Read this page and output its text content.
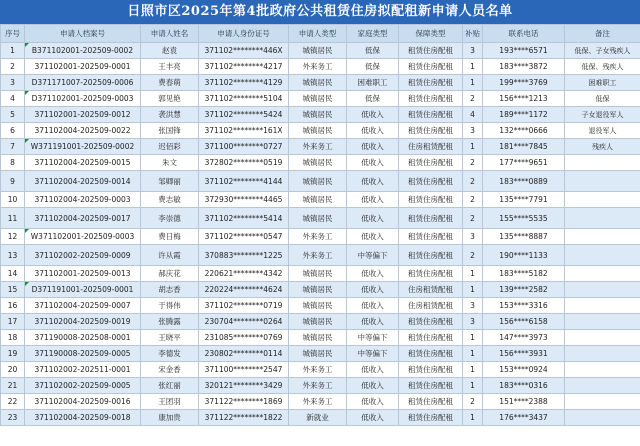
日照市区2025年第4批政府公共租赁住房拟配租新申请人员名单
序号	申请人档案号	申请人姓名	申请人身份证号	申请人类型	家庭类型	保障类型	补贴	联系电话	备注
1	B371102001-202509-0002	赵袁	371102********446X	城镇居民	低保	租赁住房配租	3	193****6571	低保、子女残疾人
2	371102001-202509-0001	王丰亮	371102********4217	外来务工	低保	租赁住房配租	1	183****3872	低保、残疾人
3	D371171007-202509-0006	费春萌	371102********4129	城镇居民	困难职工	租赁住房配租	1	199****3769	困难职工
4	D371102001-202509-0003	郭见艳	371102********5104	城镇居民	低保	租赁住房配租	2	156****1213	低保
5	371102001-202509-0012	袭洪慧	371102********5424	城镇居民	低收入	租赁住房配租	4	189****1172	子女退役军人
6	371102004-202509-0022	张国锋	371102********161X	城镇居民	低收入	租赁住房配租	3	132****0666	退役军人
7	W371191001-202509-0002	迟佰彩	371100********0727	外来务工	低收入	住房租赁配租	1	181****7845	残疾人
8	371102004-202509-0015	朱文	372802********0519	城镇居民	低收入	租赁住房配租	2	177****9651	
9	371102004-202509-0014	邹卿丽	371102********4144	城镇居民	低收入	租赁住房配租	2	183****0889	
10	371102004-202509-0003	费志敏	372930********4465	城镇居民	低收入	租赁住房配租	2	135****7791	
11	371102004-202509-0017	李崇德	371102********5414	城镇居民	低收入	租赁住房配租	2	155****5535	
12	W371102001-202509-0003	费日梅	371102********0547	外来务工	低收入	租赁住房配租	3	135****8887	
13	371102002-202509-0009	许从霞	370883********1225	外来务工	中等偏下	租赁住房配租	2	190****1133	
14	371102001-202509-0013	郝庆花	220621********4342	城镇居民	低收入	租赁住房配租	1	183****5182	
15	D371191001-202509-0001	胡志香	220224********4624	城镇居民	低收入	住房租赁配租	1	139****2582	
16	371102004-202509-0007	于得伟	371102********0719	城镇居民	低收入	住房租赁配租	3	153****3316	
17	371102004-202509-0019	张腾露	230704********0264	城镇居民	低收入	租赁住房配租	3	156****6158	
18	371190008-202508-0001	王晓平	231085********0769	城镇居民	中等偏下	租赁住房配租	1	147****3973	
19	371190008-202509-0005	李德发	230802********0114	城镇居民	中等偏下	租赁住房配租	1	156****3931	
20	371102002-202511-0001	宋金香	371100********2547	外来务工	低收入	租赁住房配租	1	153****0924	
21	371102002-202509-0005	张红丽	320121********3429	外来务工	低收入	租赁住房配租	1	183****0316	
22	371102004-202509-0016	王团羽	371122********1869	外来务工	低收入	租赁住房配租	2	151****2388	
23	371102004-202509-0018	康加贵	371122********1822	新就业	低收入	租赁住房配租	1	176****3437	
